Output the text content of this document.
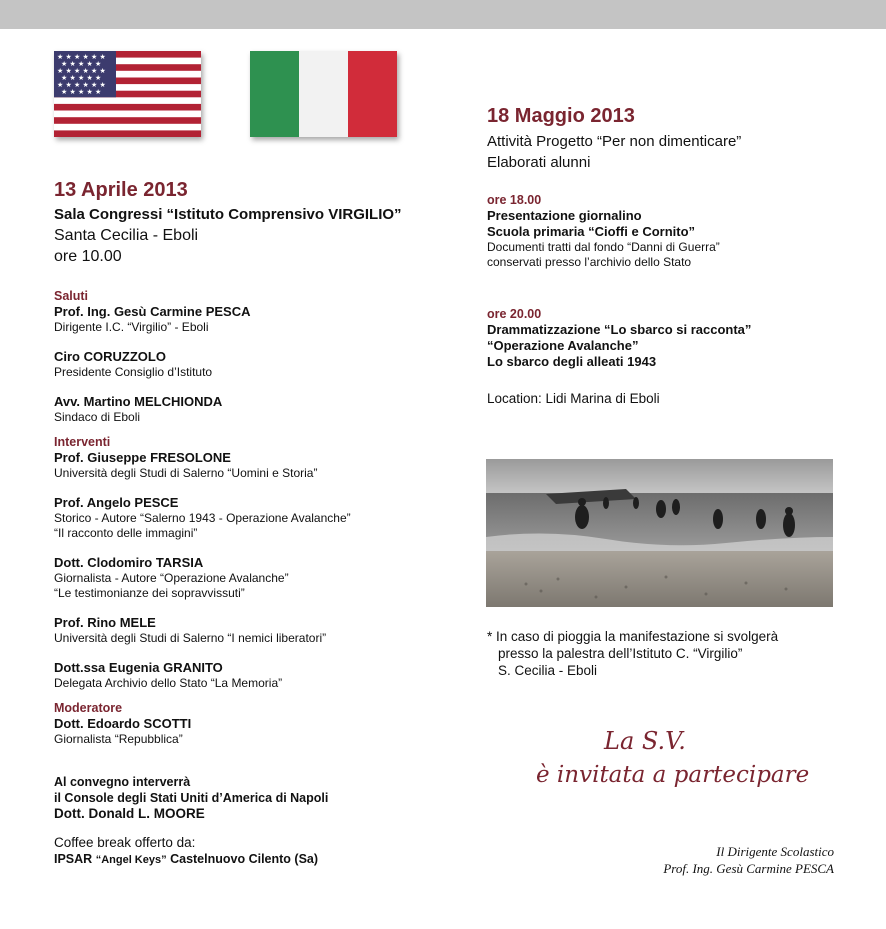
★ ★ ★ ★ ★ ★
★ ★ ★ ★ ★
★ ★ ★ ★ ★ ★
★ ★ ★ ★ ★
★ ★ ★ ★ ★ ★
★ ★ ★ ★ ★
13 Aprile 2013
Sala Congressi “Istituto Comprensivo VIRGILIO”
Santa Cecilia - Eboli
ore 10.00
Saluti
Prof. Ing. Gesù Carmine PESCA
Dirigente I.C. “Virgilio” - Eboli
Ciro CORUZZOLO
Presidente Consiglio d’Istituto
Avv. Martino MELCHIONDA
Sindaco di Eboli
Interventi
Prof. Giuseppe FRESOLONE
Università degli Studi di Salerno “Uomini e Storia”
Prof. Angelo PESCE
Storico - Autore “Salerno 1943 - Operazione Avalanche”
“Il racconto delle immagini”
Dott. Clodomiro TARSIA
Giornalista - Autore “Operazione Avalanche”
“Le testimonianze dei sopravvissuti”
Prof. Rino MELE
Università degli Studi di Salerno “I nemici liberatori”
Dott.ssa Eugenia GRANITO
Delegata Archivio dello Stato “La Memoria”
Moderatore
Dott. Edoardo SCOTTI
Giornalista “Repubblica”
Al convegno interverrà
il Console degli Stati Uniti d’America di Napoli
Dott. Donald L. MOORE
Coffee break offerto da:
IPSAR “Angel Keys” Castelnuovo Cilento (Sa)
18 Maggio 2013
Attività Progetto “Per non dimenticare”
Elaborati alunni
ore 18.00
Presentazione giornalino
Scuola primaria “Cioffi e Cornito”
Documenti tratti dal fondo “Danni di Guerra”
conservati presso l’archivio dello Stato
ore 20.00
Drammatizzazione “Lo sbarco si racconta”
“Operazione Avalanche”
Lo sbarco degli alleati 1943
Location: Lidi Marina di Eboli
* In caso di pioggia la manifestazione si svolgerà
presso la palestra dell’Istituto C. “Virgilio”
S. Cecilia - Eboli
La S.V.
è invitata a partecipare
Il Dirigente Scolastico
Prof. Ing. Gesù Carmine PESCA
